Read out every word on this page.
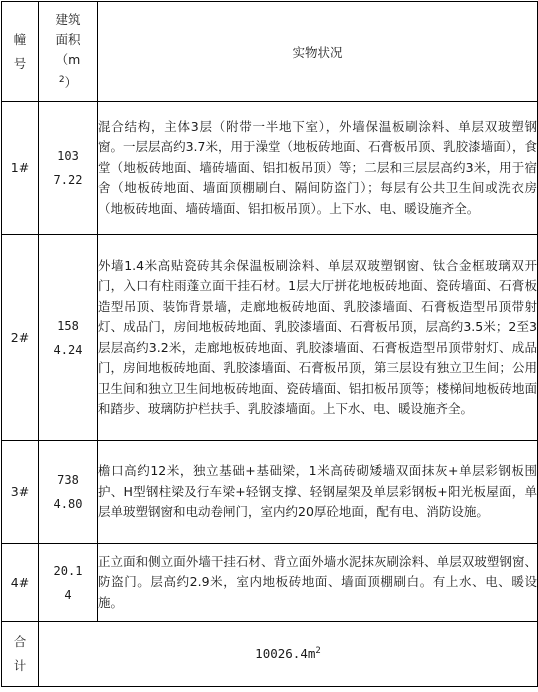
幢号	建筑面积$(m^2)$	实物状况
1#	1037.22	混合结构，主体3层（附带一半地下室），外墙保温板刷涂料、单层双玻塑钢窗。一层层高约3.7米，用于澡堂（地板砖地面、石膏板吊顶、乳胶漆墙面），食堂（地板砖地面、墙砖墙面、铝扣板吊顶）等；二层和三层层高约3米，用于宿舍（地板砖地面、墙面顶棚刷白、隔间防盗门）；每层有公共卫生间或洗衣房（地板砖地面、墙砖墙面、铝扣板吊顶）。上下水、电、暖设施齐全。
2#	1584.24	外墙1.4米高贴瓷砖其余保温板刷涂料、单层双玻塑钢窗、钛合金框玻璃双开门，入口有柱雨蓬立面干挂石材。1层大厅拼花地板砖地面、瓷砖墙面、石膏板造型吊顶、装饰背景墙，走廊地板砖地面、乳胶漆墙面、石膏板造型吊顶带射灯、成品门，房间地板砖地面、乳胶漆墙面、石膏板吊顶，层高约3.5米；2至3层层高约3.2米，走廊地板砖地面、乳胶漆墙面、石膏板造型吊顶带射灯、成品门，房间地板砖地面、乳胶漆墙面、石膏板吊顶，第三层设有独立卫生间；公用卫生间和独立卫生间地板砖地面、瓷砖墙面、铝扣板吊顶等；楼梯间地板砖地面和踏步、玻璃防护栏扶手、乳胶漆墙面。上下水、电、暖设施齐全。
3#	7384.80	檐口高约12米，独立基础+基础梁，1米高砖砌矮墙双面抹灰+单层彩钢板围护、H型钢柱梁及行车梁+轻钢支撑、轻钢屋架及单层彩钢板+阳光板屋面，单层单玻塑钢窗和电动卷闸门，室内约20厚砼地面，配有电、消防设施。
4#	20.14	正立面和侧立面外墙干挂石材、背立面外墙水泥抹灰刷涂料、单层双玻塑钢窗、防盗门。层高约2.9米，室内地板砖地面、墙面顶棚刷白。有上水、电、暖设施。
合计	$10026.4m^2$
